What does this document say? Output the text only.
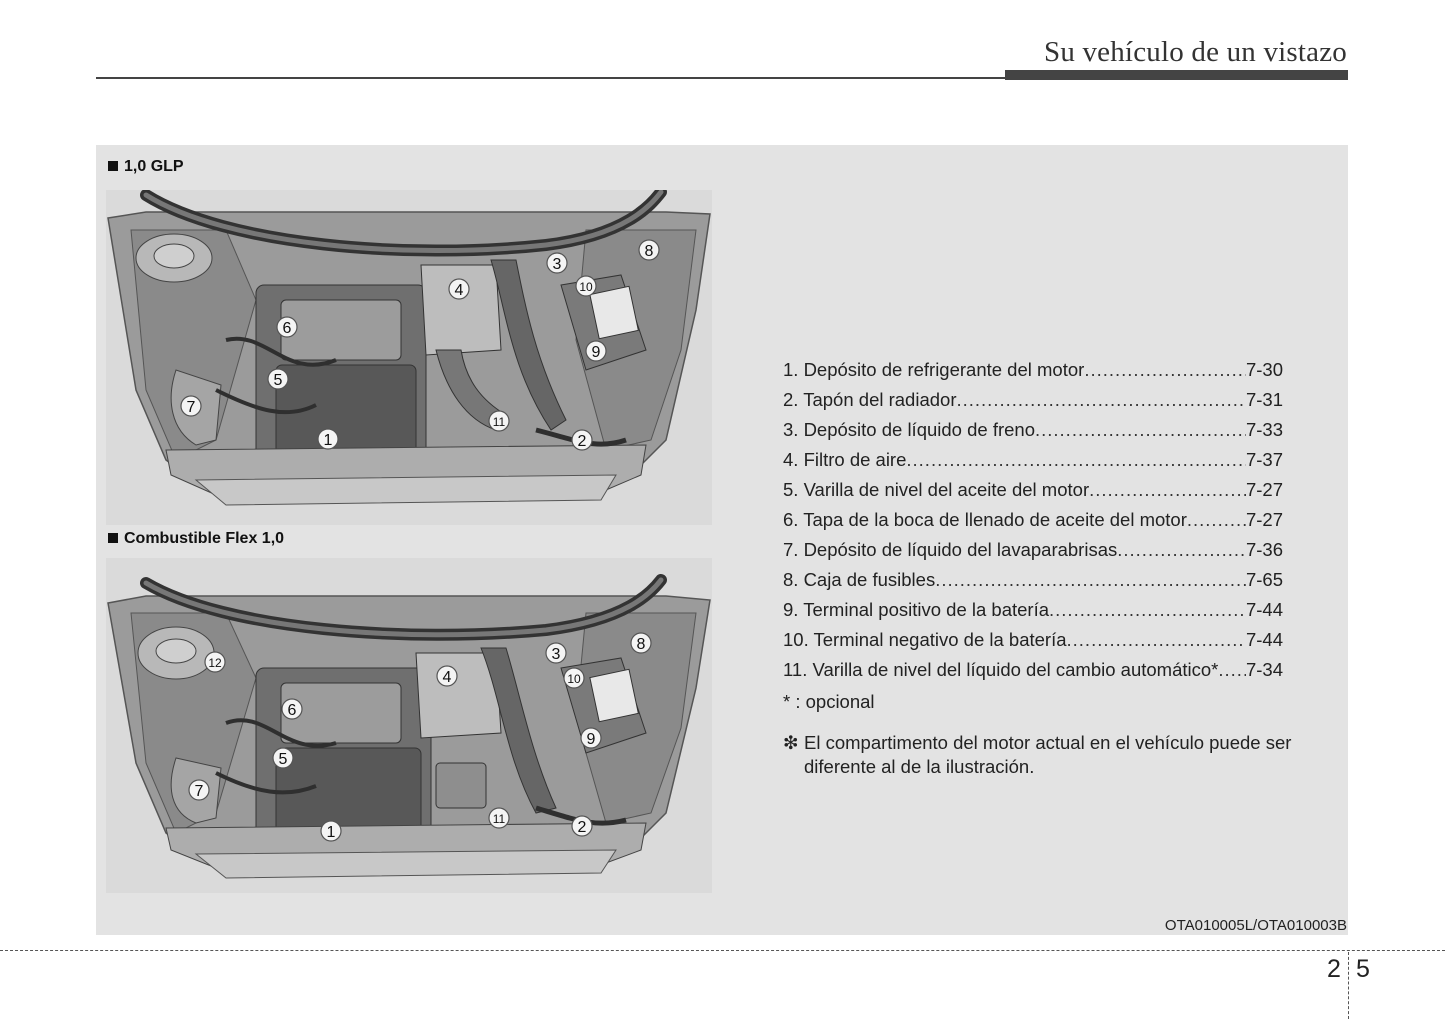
Su vehículo de un vistazo
1,0 GLP
1	2
3
4
5
6
7
8
9
10
11
Combustible Flex 1,0
1	2
3
4
5
6
7
8
9
10
11
12
1. Depósito de refrigerante del motor .....	7-30
2. Tapón del radiador .....	7-31
3. Depósito de líquido de freno .....	7-33
4. Filtro de aire .....	7-37
5. Varilla de nivel del aceite del motor .....	7-27
6. Tapa de la boca de llenado de aceite del motor .....	7-27
7. Depósito de líquido del lavaparabrisas .....	7-36
8. Caja de fusibles .....	7-65
9. Terminal positivo de la batería .....	7-44
10. Terminal negativo de la batería .....	7-44
11. Varilla de nivel del líquido del cambio automático* ..... 7-34
* : opcional
❇ El compartimento del motor actual en el vehículo puede ser diferente al de la ilustración.
OTA010005L/OTA010003B
2 5
